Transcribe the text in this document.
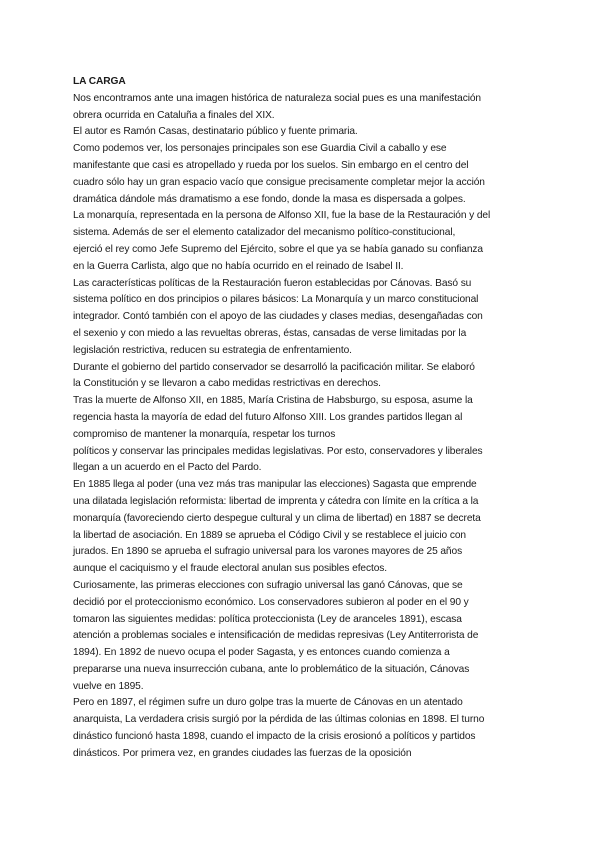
LA CARGA

Nos encontramos ante una imagen histórica de naturaleza social pues es una manifestación

obrera ocurrida en Cataluña a finales del XIX.

El autor es Ramón Casas, destinatario público y fuente primaria.

Como podemos ver, los personajes principales son ese Guardia Civil a caballo y ese

manifestante que casi es atropellado y rueda por los suelos. Sin embargo en el centro del

cuadro sólo hay un gran espacio vacío que consigue precisamente completar mejor la acción

dramática dándole más dramatismo a ese fondo, donde la masa es dispersada a golpes.

La monarquía, representada en la persona de Alfonso XII, fue la base de la Restauración y del

sistema. Además de ser el elemento catalizador del mecanismo político-constitucional,

ejerció el rey como Jefe Supremo del Ejército, sobre el que ya se había ganado su confianza

en la Guerra Carlista, algo que no había ocurrido en el reinado de Isabel II.

Las características políticas de la Restauración fueron establecidas por Cánovas. Basó su

sistema político en dos principios o pilares básicos: La Monarquía y un marco constitucional

integrador. Contó también con el apoyo de las ciudades y clases medias, desengañadas con

el sexenio y con miedo a las revueltas obreras, éstas, cansadas de verse limitadas por la

legislación restrictiva, reducen su estrategia de enfrentamiento.

Durante el gobierno del partido conservador se desarrolló la pacificación militar. Se elaboró

la Constitución y se llevaron a cabo medidas restrictivas en derechos.

Tras la muerte de Alfonso XII, en 1885, María Cristina de Habsburgo, su esposa, asume la

regencia hasta la mayoría de edad del futuro Alfonso XIII. Los grandes partidos llegan al

compromiso de mantener la monarquía, respetar los turnos

políticos y conservar las principales medidas legislativas. Por esto, conservadores y liberales

llegan a un acuerdo en el Pacto del Pardo.

En 1885 llega al poder (una vez más tras manipular las elecciones) Sagasta que emprende

una dilatada legislación reformista: libertad de imprenta y cátedra con límite en la crítica a la

monarquía (favoreciendo cierto despegue cultural y un clima de libertad) en 1887 se decreta

la libertad de asociación. En 1889 se aprueba el Código Civil y se restablece el juicio con

jurados. En 1890 se aprueba el sufragio universal para los varones mayores de 25 años

aunque el caciquismo y el fraude electoral anulan sus posibles efectos.

Curiosamente, las primeras elecciones con sufragio universal las ganó Cánovas, que se

decidió por el proteccionismo económico. Los conservadores subieron al poder en el 90 y

tomaron las siguientes medidas: política proteccionista (Ley de aranceles 1891), escasa

atención a problemas sociales e intensificación de medidas represivas (Ley Antiterrorista de

1894). En 1892 de nuevo ocupa el poder Sagasta, y es entonces cuando comienza a

prepararse una nueva insurrección cubana, ante lo problemático de la situación, Cánovas

vuelve en 1895.

Pero en 1897, el régimen sufre un duro golpe tras la muerte de Cánovas en un atentado

anarquista, La verdadera crisis surgió por la pérdida de las últimas colonias en 1898. El turno

dinástico funcionó hasta 1898, cuando el impacto de la crisis erosionó a políticos y partidos

dinásticos. Por primera vez, en grandes ciudades las fuerzas de la oposición
